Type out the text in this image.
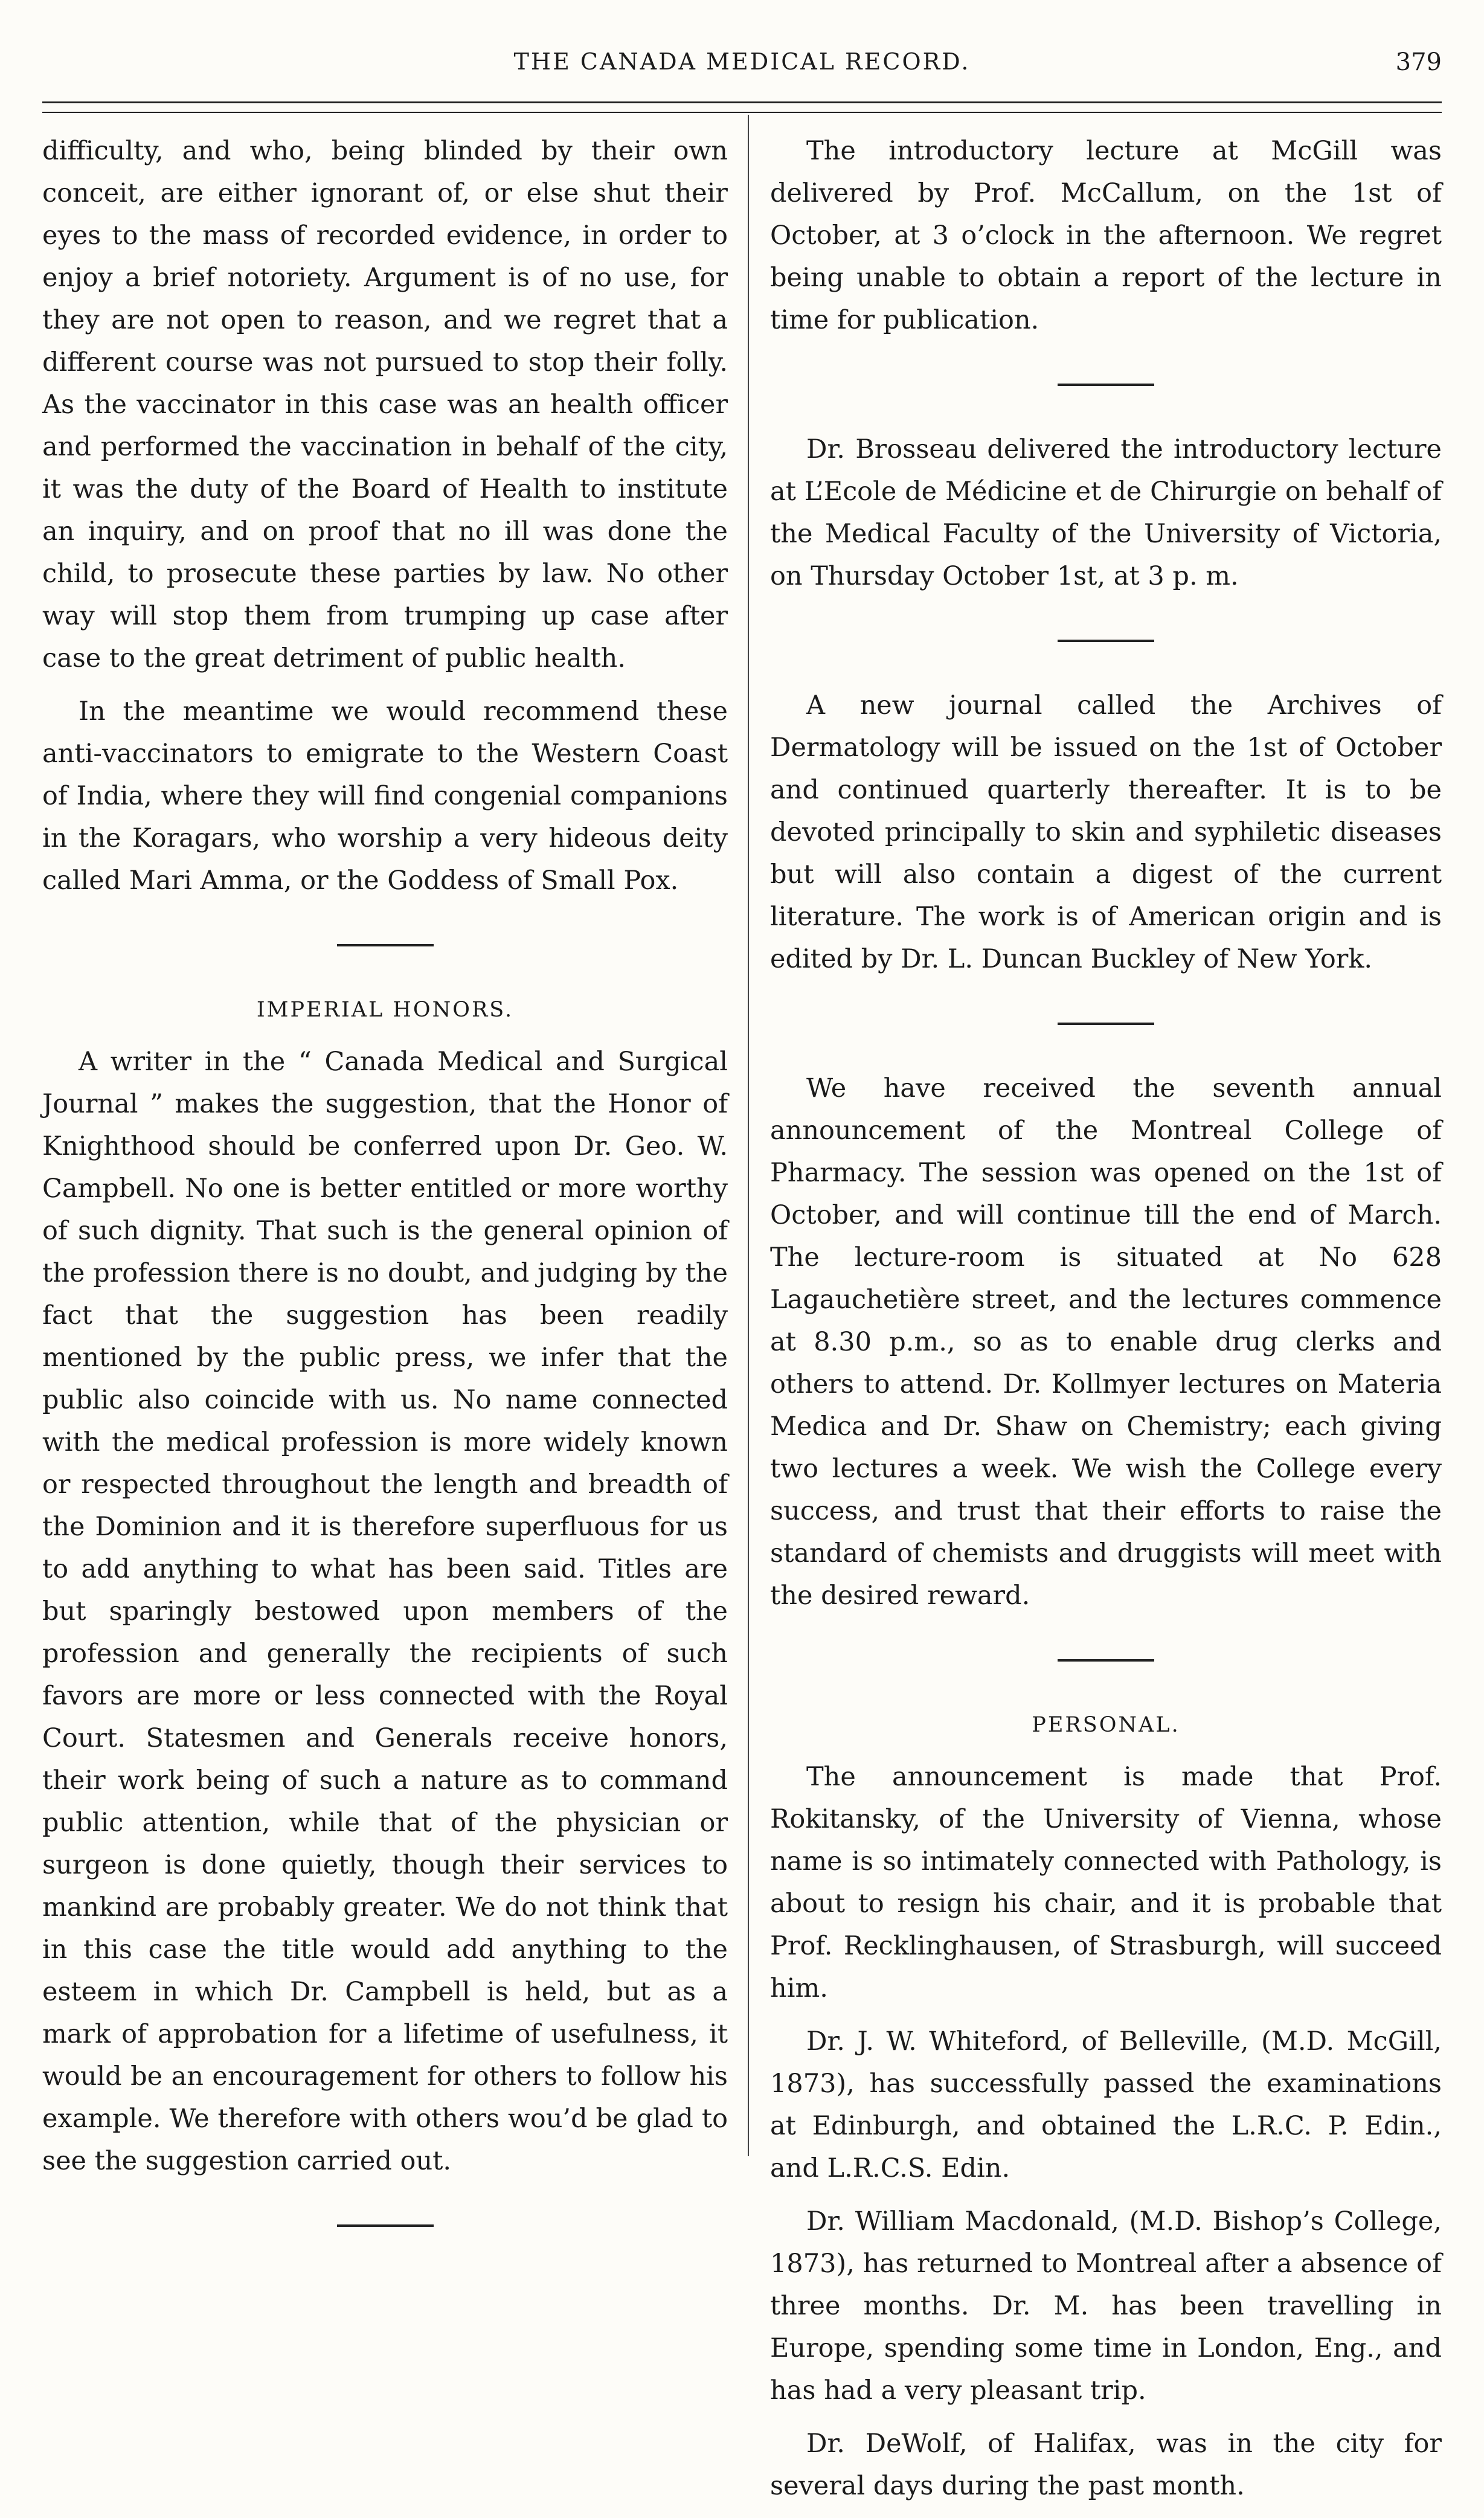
THE CANADA MEDICAL RECORD.	379

difficulty, and who, being blinded by their own conceit, are either ignorant of, or else shut their eyes to the mass of recorded evidence, in order to enjoy a brief notoriety. Argument is of no use, for they are not open to reason, and we regret that a different course was not pursued to stop their folly. As the vaccinator in this case was an health officer and performed the vaccination in behalf of the city, it was the duty of the Board of Health to institute an inquiry, and on proof that no ill was done the child, to prosecute these parties by law. No other way will stop them from trumping up case after case to the great detriment of public health.

In the meantime we would recommend these anti-vaccinators to emigrate to the Western Coast of India, where they will find congenial companions in the Koragars, who worship a very hideous deity called Mari Amma, or the Goddess of Small Pox.

IMPERIAL HONORS.

A writer in the “ Canada Medical and Surgical Journal ” makes the suggestion, that the Honor of Knighthood should be conferred upon Dr. Geo. W. Campbell. No one is better entitled or more worthy of such dignity. That such is the general opinion of the profession there is no doubt, and judging by the fact that the suggestion has been readily mentioned by the public press, we infer that the public also coincide with us. No name connected with the medical profession is more widely known or respected throughout the length and breadth of the Dominion and it is therefore superfluous for us to add anything to what has been said. Titles are but sparingly bestowed upon members of the profession and generally the recipients of such favors are more or less connected with the Royal Court. Statesmen and Generals receive honors, their work being of such a nature as to command public attention, while that of the physician or surgeon is done quietly, though their services to mankind are probably greater. We do not think that in this case the title would add anything to the esteem in which Dr. Campbell is held, but as a mark of approbation for a lifetime of usefulness, it would be an encouragement for others to follow his example. We therefore with others wou’d be glad to see the suggestion carried out.

The introductory lecture at McGill was delivered by Prof. McCallum, on the 1st of October, at 3 o’clock in the afternoon. We regret being unable to obtain a report of the lecture in time for publication.

Dr. Brosseau delivered the introductory lecture at L’Ecole de Médicine et de Chirurgie on behalf of the Medical Faculty of the University of Victoria, on Thursday October 1st, at 3 p. m.

A new journal called the Archives of Dermatology will be issued on the 1st of October and continued quarterly thereafter. It is to be devoted principally to skin and syphiletic diseases but will also contain a digest of the current literature. The work is of American origin and is edited by Dr. L. Duncan Buckley of New York.

We have received the seventh annual announcement of the Montreal College of Pharmacy. The session was opened on the 1st of October, and will continue till the end of March. The lecture-room is situated at No 628 Lagauchetière street, and the lectures commence at 8.30 p.m., so as to enable drug clerks and others to attend. Dr. Kollmyer lectures on Materia Medica and Dr. Shaw on Chemistry; each giving two lectures a week. We wish the College every success, and trust that their efforts to raise the standard of chemists and druggists will meet with the desired reward.

PERSONAL.

The announcement is made that Prof. Rokitansky, of the University of Vienna, whose name is so intimately connected with Pathology, is about to resign his chair, and it is probable that Prof. Recklinghausen, of Strasburgh, will succeed him.

Dr. J. W. Whiteford, of Belleville, (M.D. McGill, 1873), has successfully passed the examinations at Edinburgh, and obtained the L.R.C. P. Edin., and L.R.C.S. Edin.

Dr. William Macdonald, (M.D. Bishop’s College, 1873), has returned to Montreal after a absence of three months. Dr. M. has been travelling in Europe, spending some time in London, Eng., and has had a very pleasant trip.

Dr. DeWolf, of Halifax, was in the city for several days during the past month.
